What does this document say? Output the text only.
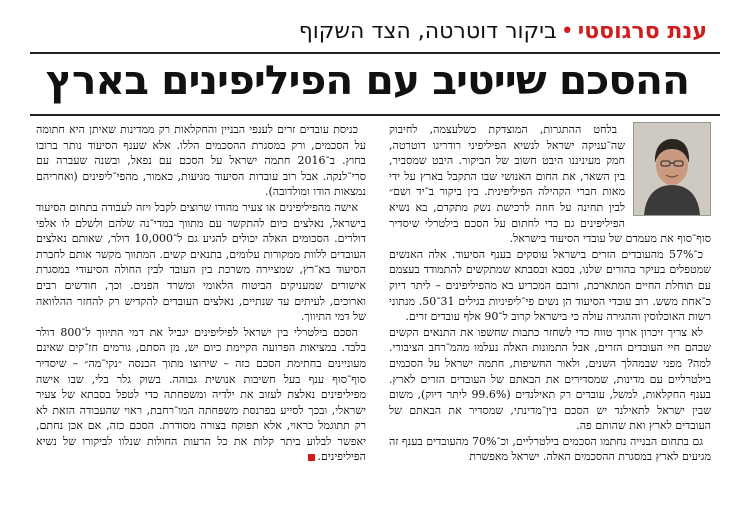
ענת סרגוסטי•ביקור דוטרטה, הצד השקוף
ההסכם שייטיב עם הפיליפינים בארץ

בלחט ההתגרות, המוצדקת כשלעצמה, לחיבוק שה־עניקה ישראל לנשיא הפיליפיני רודריגו דוטרטה, חמק מעיניננו היבט חשוב של הביקור. היבט שמסביר, בין השאר, את החום האנושי שבו התקבל בארץ על ידי מאות חברי הקהילה הפיליפינית. בין ביקור ב־יד ושם״ לבין תחינה על חוזה לרכישת נשק מתקדם, בא נשיא הפיליפינים גם כדי לחתום על הסכם בילטרלי שיסדיר סוף־סוף את מעמדם של עובדי הסיעוד בישראל.

כ־57% מהעובדים הזרים בישראל עוסקים בענף הסיעוד. אלה האנשים שמטפלים בעיקר בהורים שלנו, בסבא ובסבתא שמתקשים להתמודד בעצמם עם תוחלת החיים המתארכת, ורובם המכריע בא מהפיליפינים – ליתר דיוק כ־אחת משש. רוב עובדי הסיעוד הן נשים פי־ליפיניות בגילים 31־50. מנתוני רשות האוכלוסין וההגירה עולה כי בישראל קרוב ל־90 אלף עובדים זרים.

לא צריך זיכרון ארוך טווח כדי לשחזר כתבות שחשפו את התנאים הקשים שבהם חיי העובדים הזרים, אבל התמונות האלה נעלמו מהמ־רחב הציבורי. למה? מפני שבמהלך השנים, ולאור החשיפות, חתמה ישראל על הסכמים בילטרליים עם מדינות, שמסדירים את הבאתם של העובדים הזרים לארץ. בענף החקלאות, למשל, עובדים רק תאילנדים (99.6% ליתר דיוק), משום שבין ישראל לתאילנד יש הסכם בין־מדינתי, שמסדיר את הבאתם של העובדים לארץ ואת שהותם פה.

גם בתחום הבנייה נחתמו הסכמים בילטרליים, וכ־70% מהעובדים בענף זה מגיעים לארץ במסגרת ההסכמים האלה. ישראל מאפשרת

כניסת עובדים זרים לענפי הבניין והחקלאות רק ממדינות שאיתן היא חתומה על הסכמים, ורק במסגרת ההסכמים הללו. אלא שענף הסיעוד נותר ברובו בחוץ. ב־2016 חתמה ישראל על הסכם עם נפאל, ובשנה שעברה עם סרי־לנקה. אבל רוב עובדות הסיעוד מגיעות, כאמור, מהפי־ליפינים (ואחריהם נמצאות הודו ומולדובה).

אישה מהפיליפינים או צעיר מהודו שרוצים לקבל ויזה לעבודה בתחום הסיעוד בישראל, נאלצים כיום להתקשר עם מתווך במדי־נה שלהם ולשלם לו אלפי דולרים. הסכומים האלה יכולים להגיע גם ל־10,000 דולר, שאותם נאלצים העובדים ללוות ממקורות עלומים, בתנאים קשים. המתווך מקשר אותם לחברת הסיעוד בא־רץ, שמציירה משרכת בין העובד לבין החולה הסיעודי במסגרת אישורים שמעניקים הביטוח הלאומי ומשרד הפנים. וכך, חודשים רבים וארוכים, לעיתים עד שנתיים, נאלצים העובדים להקדיש רק להחזר ההלוואה של דמי התיווך.

הסכם בילטרלי בין ישראל לפיליפינים יגביל את דמי התיווך ל־800 דולר בלבד. במציאות הפרועה הקיימת כיום יש, מן הסתם, גורמים חז־קים שאינם מעוניינים בחתימת הסכם כזה – שירוצו מתוך הכנסה ״נקי־מה״ – שיסדיר סוף־סוף ענף בעל חשיבות אנושית גבוהה. בשוק גלר בלי, שבו אישה מפיליפינים נאלצת לעזוב את ילדיה ומשפחתה כדי לטפל בסבתא של צעיר ישראלי, ובכך לסייע בפרנסת משפחתה המו־רחבת, ראוי שהעבודה הזאת לא רק תתוגמל כראוי, אלא תפוקח בצורה מסודרת. הסכם כזה, אם אכן נחתם, יאפשר לבלוע ביתר קלות את כל הרעות החולות שנלוו לביקורו של נשיא הפיליפינים.
